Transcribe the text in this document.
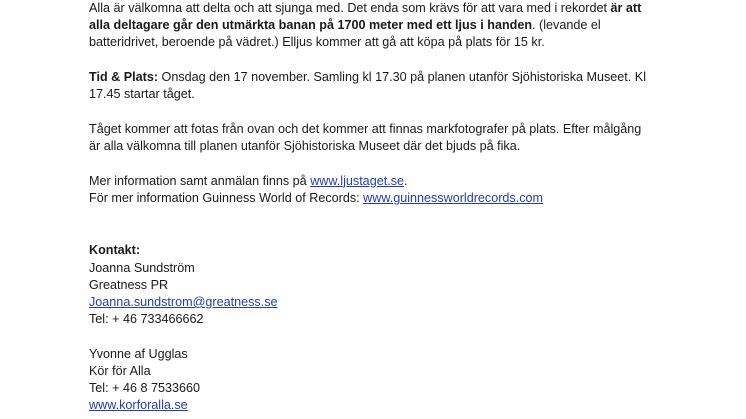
Alla är välkomna att delta och att sjunga med. Det enda som krävs för att vara med i rekordet är att
alla deltagare går den utmärkta banan på 1700 meter med ett ljus i handen. (levande el
batteridrivet, beroende på vädret.) Elljus kommer att gå att köpa på plats för 15 kr.

Tid & Plats: Onsdag den 17 november. Samling kl 17.30 på planen utanför Sjöhistoriska Museet. Kl
17.45 startar tåget.

Tåget kommer att fotas från ovan och det kommer att finnas markfotografer på plats. Efter målgång
är alla välkomna till planen utanför Sjöhistoriska Museet där det bjuds på fika.

Mer information samt anmälan finns på www.ljustaget.se.
För mer information Guinness World of Records: www.guinnessworldrecords.com

Kontakt:
Joanna Sundström
Greatness PR
Joanna.sundstrom@greatness.se
Tel: + 46 733466662

Yvonne af Ugglas
Kör för Alla
Tel: + 46 8 7533660
www.korforalla.se
